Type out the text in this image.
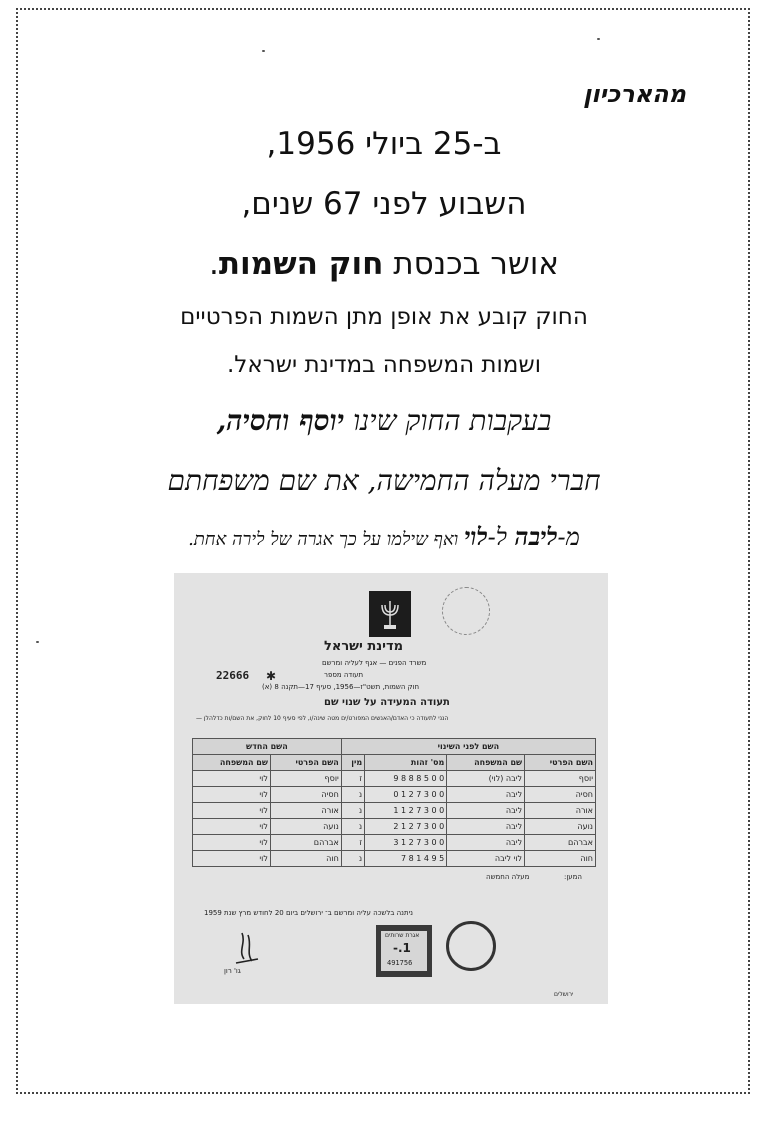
מהארכיון
ב-25 ביולי 1956,
השבוע לפני 67 שנים,
אושר בכנסת חוק השמות.
החוק קובע את אופן מתן השמות הפרטיים
ושמות המשפחה במדינת ישראל.
בעקבות החוק שינו יוסף וחסיה,
חברי מעלה החמישה, את שם משפחתם
מ-ליבה ל-לוי ואף שילמו על כך אגרה של לירה אחת.
מדינת ישראל
משרד הפנים — אגף לעליה ומרשם
תעודה מספר
22666 ✱
חוק השמות, תשט"ז—1956, סעיף 17—תקנה 8 (א)
תעודה המעידה על שנוי שם
הנני לתעודה כי האדם/האנשים המפורט/ים מטה שינה/ו, לפי סעיף 10 לחוק, את השם/ות כדלהלן —
השם לפני השינוי				השם החדש	
השם הפרטי	שם המשפחה	מס' זהות	מין	השם הפרטי	שם המשפחה
יוסף	ליבה (לוי)	0 0 5 8 8 8 9	ז	יוסף	לוי
חסיה	ליבה	0 0 3 7 2 1 0	נ	חסיה	לוי
אורה	ליבה	0 0 3 7 2 1 1	נ	אורה	לוי
נועה	ליבה	0 0 3 7 2 1 2	נ	נועה	לוי
אברהם	ליבה	0 0 3 7 2 1 3	ז	אברהם	לוי
חוה	לוי ליבה	5 9 4 1 8 7	נ	חוה	לוי
המען:
מעלה החמשה
ניתנה בלשכה עליה ומרשם ב־ ירושלים ביום 20 לחודש מרץ שנת 1959
אגרת שרותים
1.-
491756
גו' רון
ירושלים
